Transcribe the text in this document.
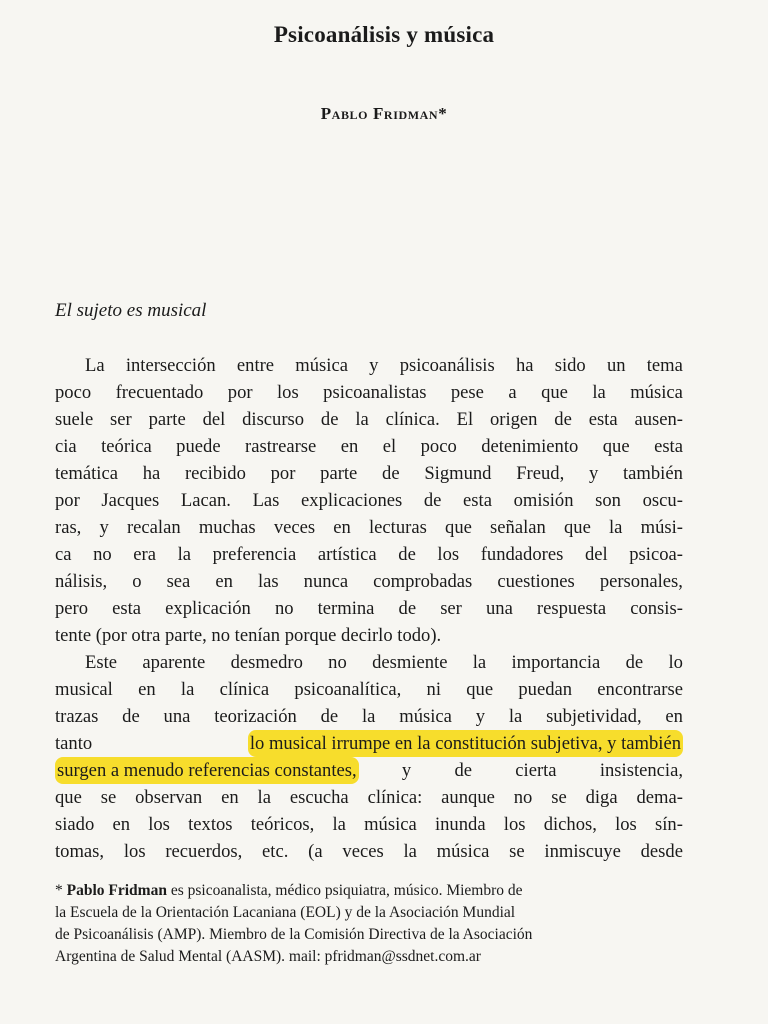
Psicoanálisis y música
Pablo Fridman*
El sujeto es musical
La intersección entre música y psicoanálisis ha sido un tema
poco frecuentado por los psicoanalistas pese a que la música
suele ser parte del discurso de la clínica. El origen de esta ausen-
cia teórica puede rastrearse en el poco detenimiento que esta
temática ha recibido por parte de Sigmund Freud, y también
por Jacques Lacan. Las explicaciones de esta omisión son oscu-
ras, y recalan muchas veces en lecturas que señalan que la músi-
ca no era la preferencia artística de los fundadores del psicoa-
nálisis, o sea en las nunca comprobadas cuestiones personales,
pero esta explicación no termina de ser una respuesta consis-
tente (por otra parte, no tenían porque decirlo todo).
Este aparente desmedro no desmiente la importancia de lo
musical en la clínica psicoanalítica, ni que puedan encontrarse
trazas de una teorización de la música y la subjetividad, en
tanto	lo musical irrumpe en la constitución subjetiva, y también
surgen a menudo referencias constantes, y de cierta insistencia,
que se observan en la escucha clínica: aunque no se diga dema-
siado en los textos teóricos, la música inunda los dichos, los sín-
tomas, los recuerdos, etc. (a veces la música se inmiscuye desde
* Pablo Fridman es psicoanalista, médico psiquiatra, músico. Miembro de
la Escuela de la Orientación Lacaniana (EOL) y de la Asociación Mundial
de Psicoanálisis (AMP). Miembro de la Comisión Directiva de la Asociación
Argentina de Salud Mental (AASM). mail: pfridman@ssdnet.com.ar
